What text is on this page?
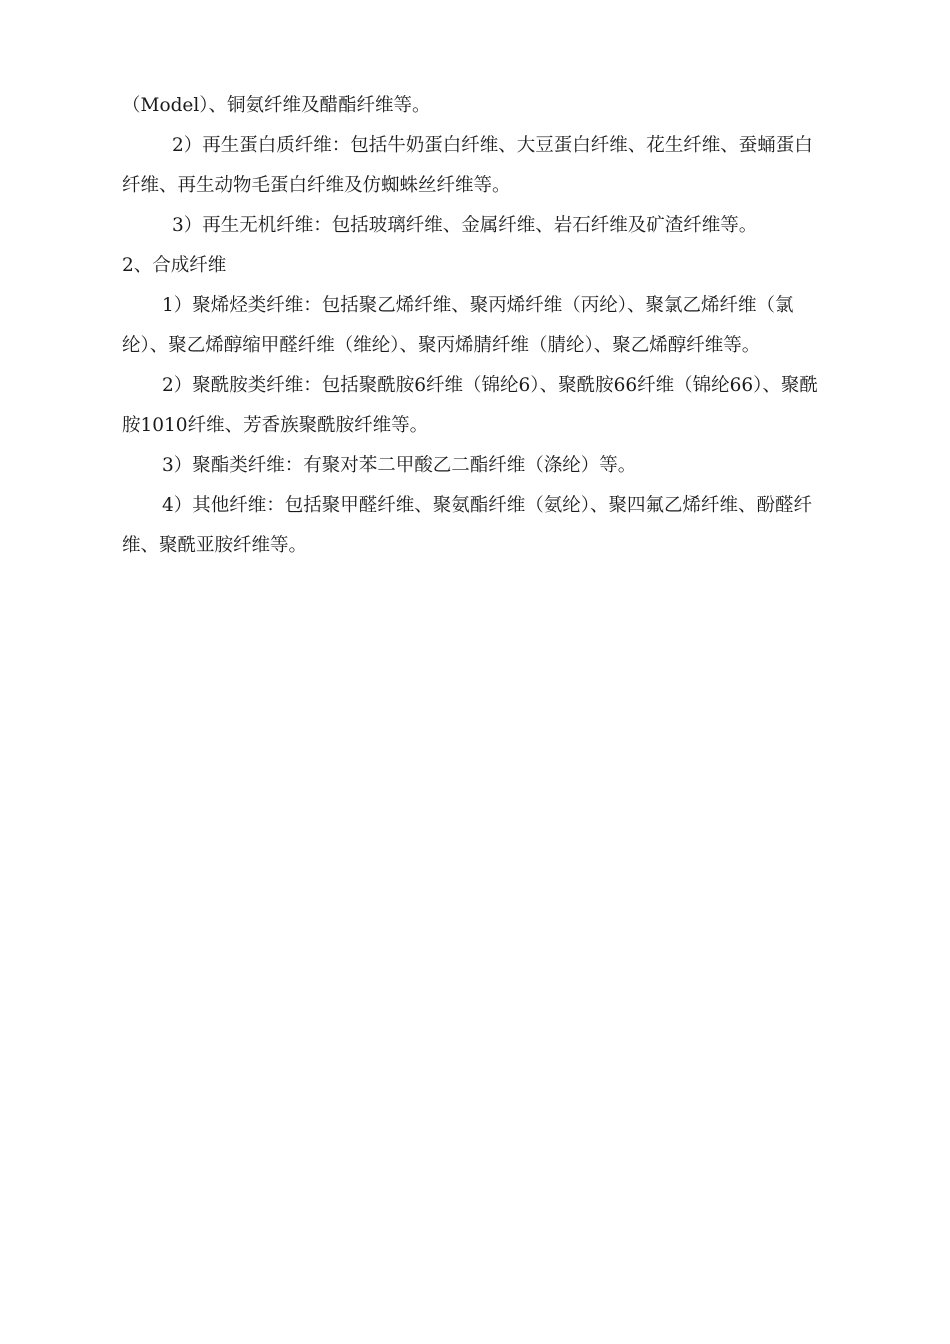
（Model）、铜氨纤维及醋酯纤维等。

2）再生蛋白质纤维：包括牛奶蛋白纤维、大豆蛋白纤维、花生纤维、蚕蛹蛋白纤维、再生动物毛蛋白纤维及仿蜘蛛丝纤维等。

3）再生无机纤维：包括玻璃纤维、金属纤维、岩石纤维及矿渣纤维等。

2、合成纤维

1）聚烯烃类纤维：包括聚乙烯纤维、聚丙烯纤维（丙纶）、聚氯乙烯纤维（氯纶）、聚乙烯醇缩甲醛纤维（维纶）、聚丙烯腈纤维（腈纶）、聚乙烯醇纤维等。

2）聚酰胺类纤维：包括聚酰胺6纤维（锦纶6）、聚酰胺66纤维（锦纶66）、聚酰胺1010纤维、芳香族聚酰胺纤维等。

3）聚酯类纤维：有聚对苯二甲酸乙二酯纤维（涤纶）等。

4）其他纤维：包括聚甲醛纤维、聚氨酯纤维（氨纶）、聚四氟乙烯纤维、酚醛纤维、聚酰亚胺纤维等。
